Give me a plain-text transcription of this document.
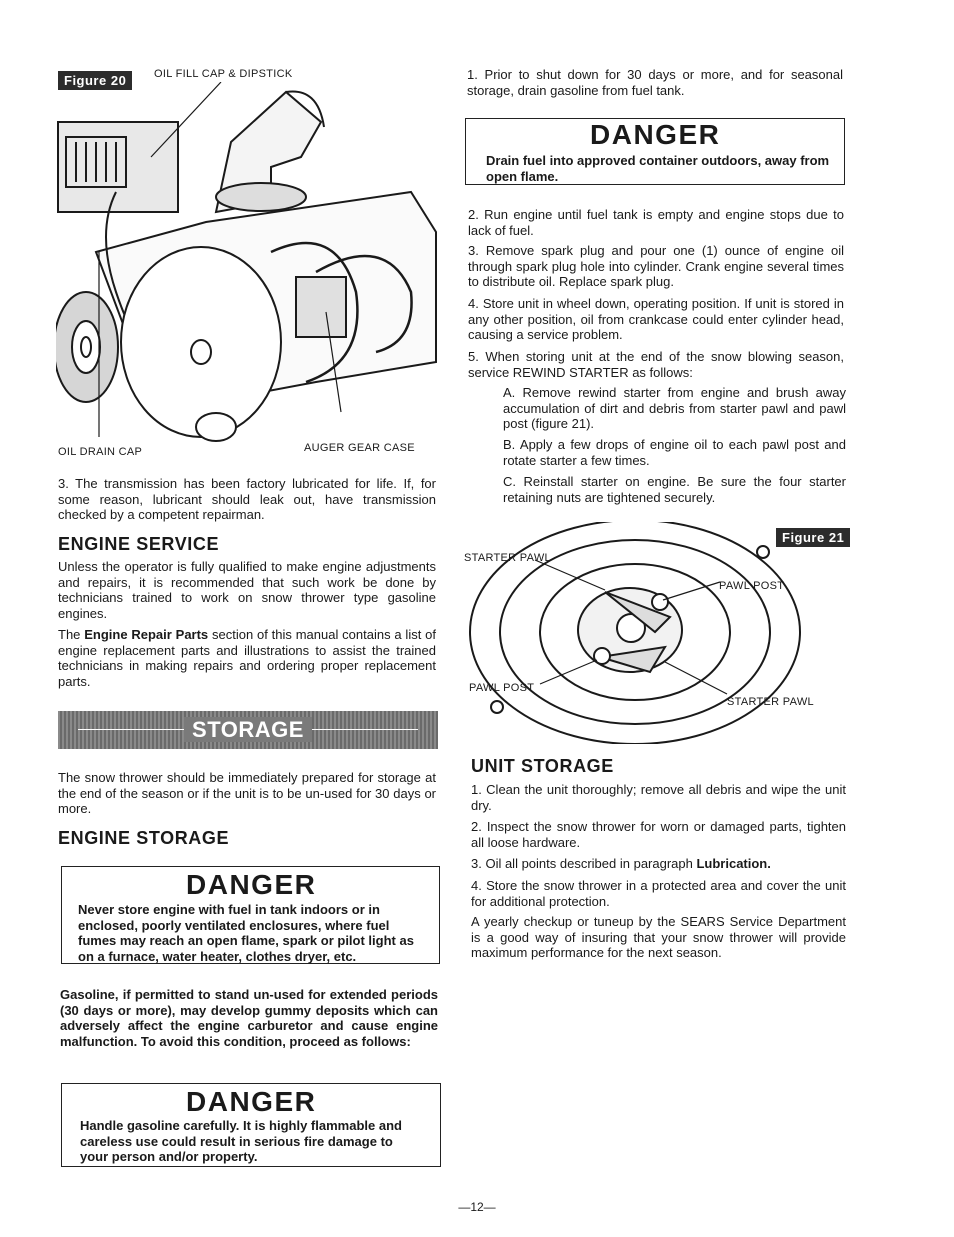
Figure 20	OIL FILL CAP & DIPSTICK
OIL DRAIN CAP	AUGER GEAR CASE

3. The transmission has been factory lubricated for life. If, for some reason, lubricant should leak out, have transmission checked by a competent repairman.

ENGINE SERVICE

Unless the operator is fully qualified to make engine adjustments and repairs, it is recommended that such work be done by technicians trained to work on snow thrower type gasoline engines.

The Engine Repair Parts section of this manual contains a list of engine replacement parts and illustrations to assist the trained technicians in making repairs and ordering proper replacement parts.

STORAGE

The snow thrower should be immediately prepared for storage at the end of the season or if the unit is to be un-used for 30 days or more.

ENGINE STORAGE
DANGER
Never store engine with fuel in tank indoors or in enclosed, poorly ventilated enclosures, where fuel fumes may reach an open flame, spark or pilot light as on a furnace, water heater, clothes dryer, etc.

Gasoline, if permitted to stand un-used for extended periods (30 days or more), may develop gummy deposits which can adversely affect the engine carburetor and cause engine malfunction. To avoid this condition, proceed as follows:

DANGER
Handle gasoline carefully. It is highly flammable and careless use could result in serious fire damage to your person and/or property.

1. Prior to shut down for 30 days or more, and for seasonal storage, drain gasoline from fuel tank.

DANGER
Drain fuel into approved container outdoors, away from open flame.

2. Run engine until fuel tank is empty and engine stops due to lack of fuel.

3. Remove spark plug and pour one (1) ounce of engine oil through spark plug hole into cylinder. Crank engine several times to distribute oil. Replace spark plug.

4. Store unit in wheel down, operating position. If unit is stored in any other position, oil from crankcase could enter cylinder head, causing a service problem.

5. When storing unit at the end of the snow blowing season, service REWIND STARTER as follows:

A. Remove rewind starter from engine and brush away accumulation of dirt and debris from starter pawl and pawl post (figure 21).

B. Apply a few drops of engine oil to each pawl post and rotate starter a few times.

C. Reinstall starter on engine. Be sure the four starter retaining nuts are tightened securely.

Figure 21
STARTER PAWL
PAWL POST
PAWL POST
STARTER PAWL
UNIT STORAGE

1. Clean the unit thoroughly; remove all debris and wipe the unit dry.

2. Inspect the snow thrower for worn or damaged parts, tighten all loose hardware.

3. Oil all points described in paragraph Lubrication.

4. Store the snow thrower in a protected area and cover the unit for additional protection.

A yearly checkup or tuneup by the SEARS Service Department is a good way of insuring that your snow thrower will provide maximum performance for the next season.

—12—
